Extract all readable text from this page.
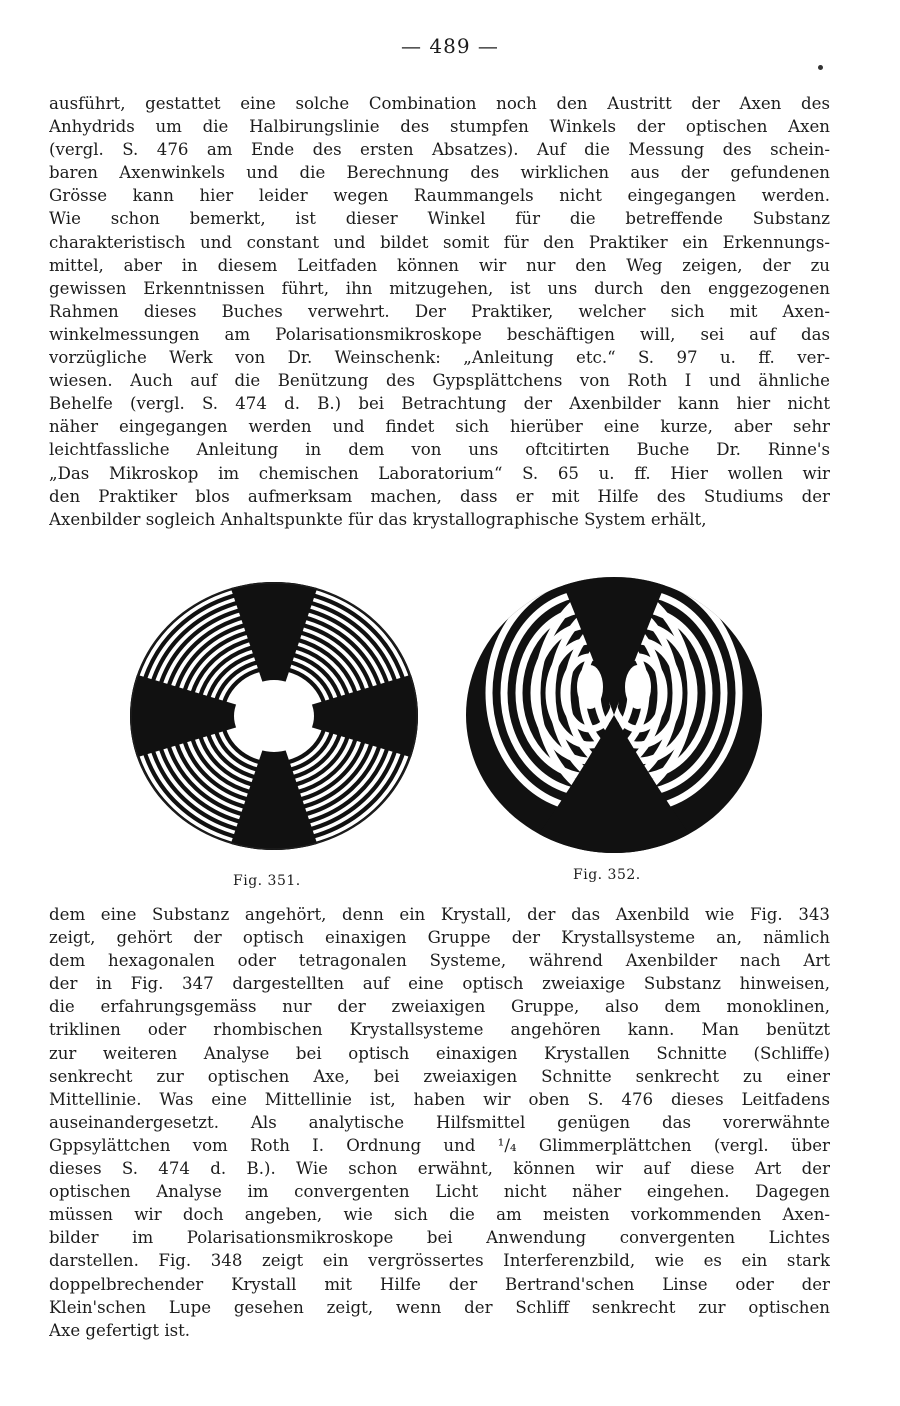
— 489 —

ausführt, gestattet eine solche Combination noch den Austritt der Axen des
Anhydrids um die Halbirungslinie des stumpfen Winkels der optischen Axen
(vergl. S. 476 am Ende des ersten Absatzes). Auf die Messung des schein-
baren Axenwinkels und die Berechnung des wirklichen aus der gefundenen
Grösse kann hier leider wegen Raummangels nicht eingegangen werden.
Wie schon bemerkt, ist dieser Winkel für die betreffende Substanz
charakteristisch und constant und bildet somit für den Praktiker ein Erkennungs-
mittel, aber in diesem Leitfaden können wir nur den Weg zeigen, der zu
gewissen Erkenntnissen führt, ihn mitzugehen, ist uns durch den enggezogenen
Rahmen dieses Buches verwehrt. Der Praktiker, welcher sich mit Axen-
winkelmessungen am Polarisationsmikroskope beschäftigen will, sei auf das
vorzügliche Werk von Dr. Weinschenk: „Anleitung etc.“ S. 97 u. ff. ver-
wiesen. Auch auf die Benützung des Gypsplättchens von Roth I und ähnliche
Behelfe (vergl. S. 474 d. B.) bei Betrachtung der Axenbilder kann hier nicht
näher eingegangen werden und findet sich hierüber eine kurze, aber sehr
leichtfassliche Anleitung in dem von uns oftcitirten Buche Dr. Rinne's
„Das Mikroskop im chemischen Laboratorium“ S. 65 u. ff. Hier wollen wir
den Praktiker blos aufmerksam machen, dass er mit Hilfe des Studiums der
Axenbilder sogleich Anhaltspunkte für das krystallographische System erhält,

Fig. 351.	Fig. 352.

dem eine Substanz angehört, denn ein Krystall, der das Axenbild wie Fig. 343
zeigt, gehört der optisch einaxigen Gruppe der Krystallsysteme an, nämlich
dem hexagonalen oder tetragonalen Systeme, während Axenbilder nach Art
der in Fig. 347 dargestellten auf eine optisch zweiaxige Substanz hinweisen,
die erfahrungsgemäss nur der zweiaxigen Gruppe, also dem monoklinen,
triklinen oder rhombischen Krystallsysteme angehören kann. Man benützt
zur weiteren Analyse bei optisch einaxigen Krystallen Schnitte (Schliffe)
senkrecht zur optischen Axe, bei zweiaxigen Schnitte senkrecht zu einer
Mittellinie. Was eine Mittellinie ist, haben wir oben S. 476 dieses Leitfadens
auseinandergesetzt. Als analytische Hilfsmittel genügen das vorerwähnte
Gppsylättchen vom Roth I. Ordnung und ¹/₄ Glimmerplättchen (vergl. über
dieses S. 474 d. B.). Wie schon erwähnt, können wir auf diese Art der
optischen Analyse im convergenten Licht nicht näher eingehen. Dagegen
müssen wir doch angeben, wie sich die am meisten vorkommenden Axen-
bilder im Polarisationsmikroskope bei Anwendung convergenten Lichtes
darstellen. Fig. 348 zeigt ein vergrössertes Interferenzbild, wie es ein stark
doppelbrechender Krystall mit Hilfe der Bertrand'schen Linse oder der
Klein'schen Lupe gesehen zeigt, wenn der Schliff senkrecht zur optischen
Axe gefertigt ist.
